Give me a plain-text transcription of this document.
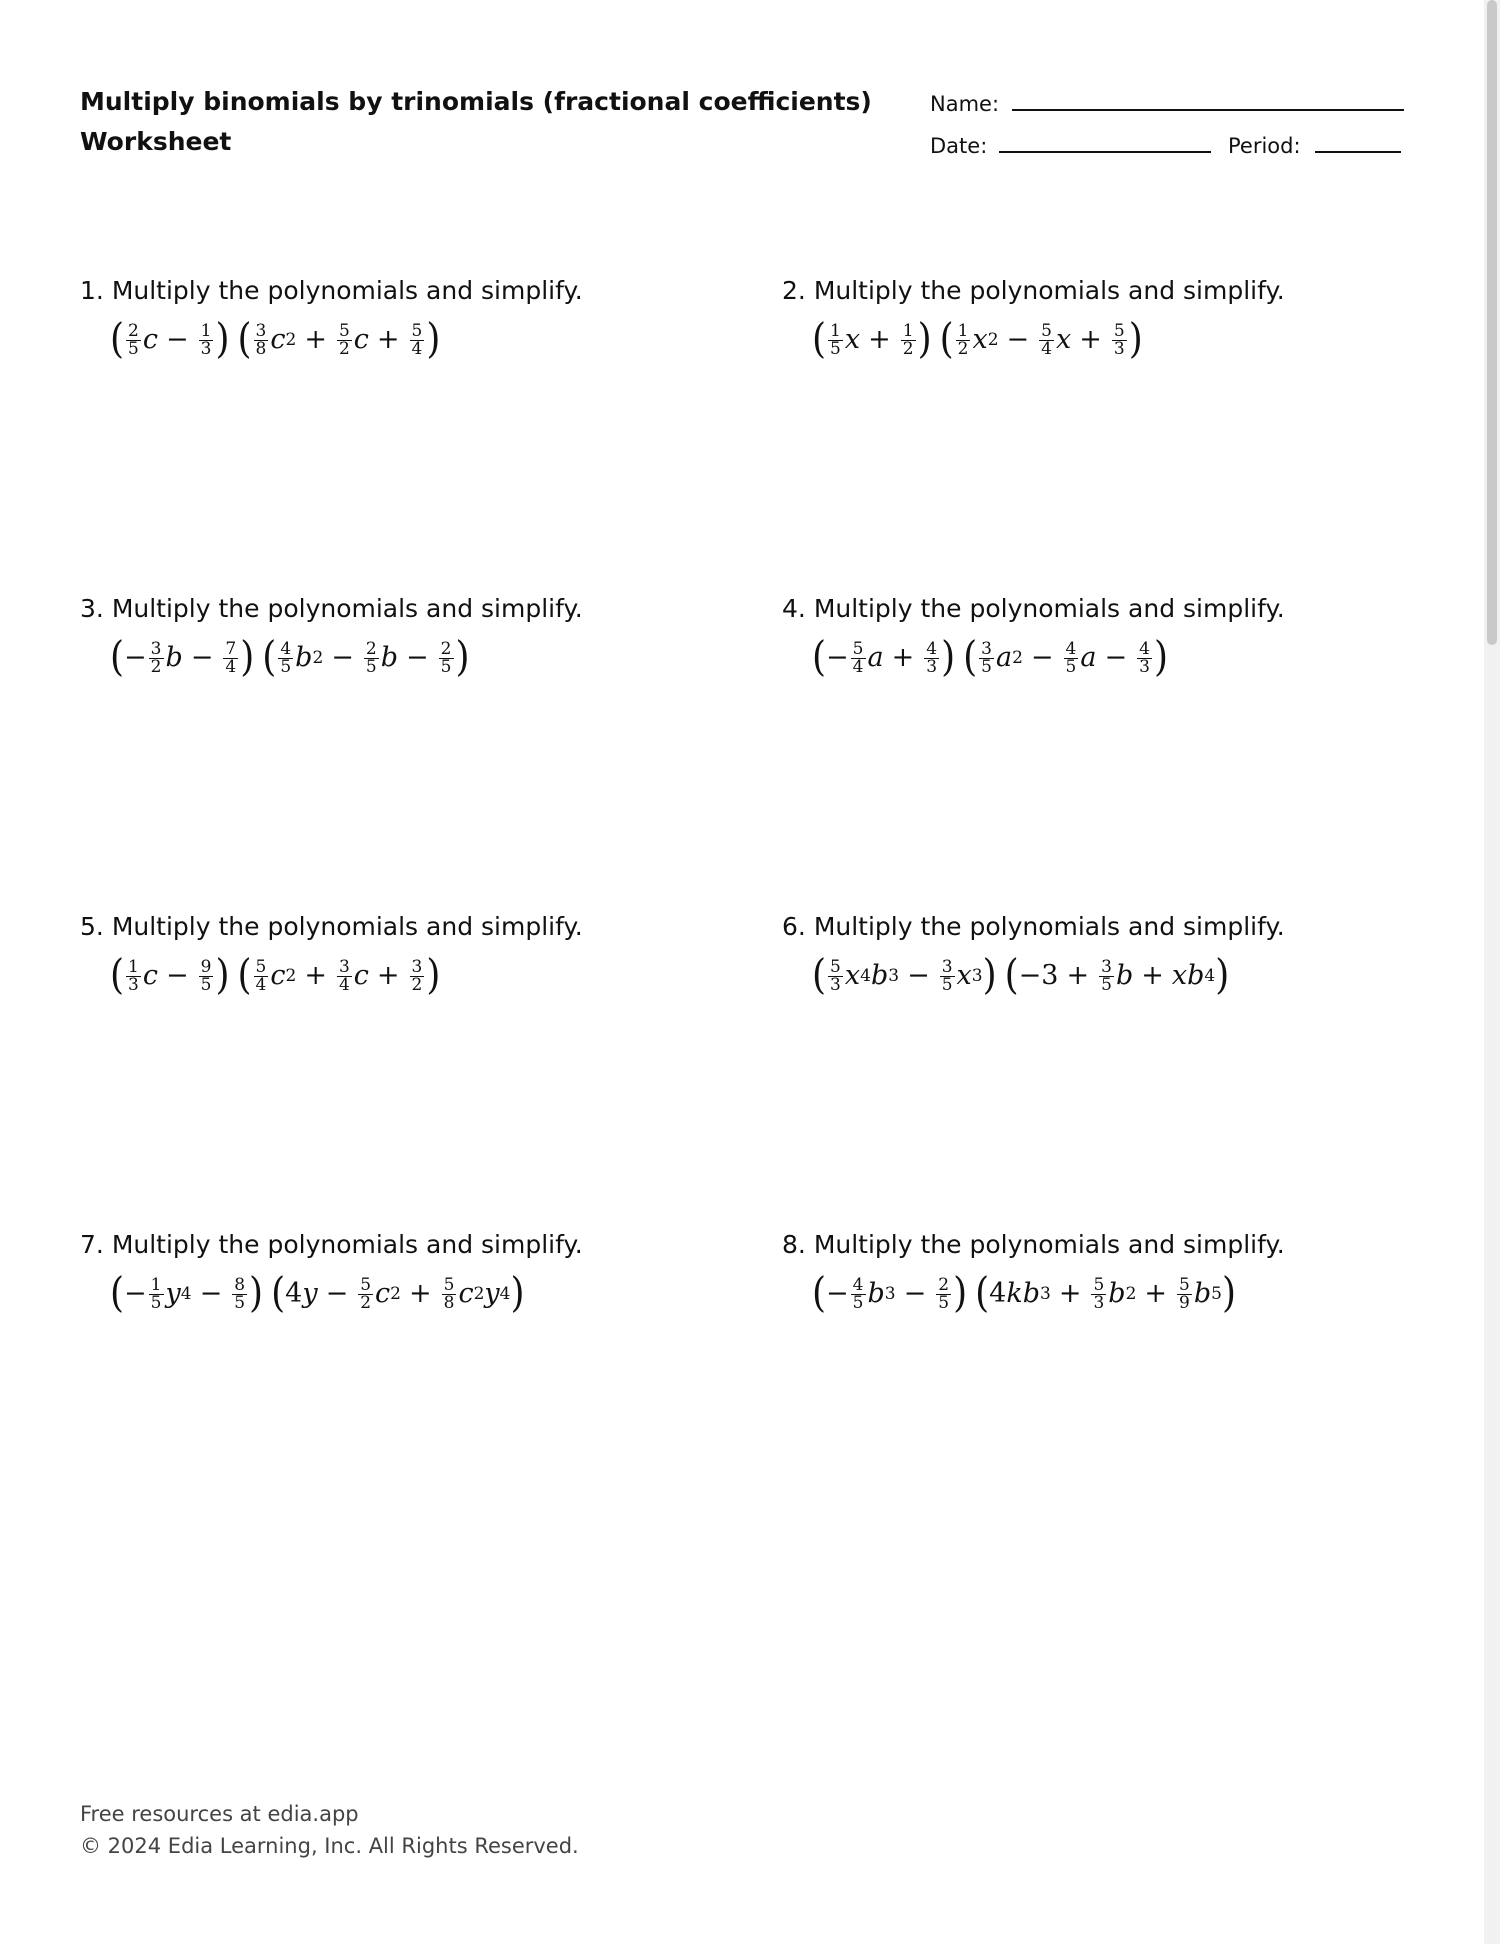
Multiply binomials by trinomials (fractional coefficients)
Worksheet
Name:
Date:	Period:
1. Multiply the polynomials and simplify.
( $\frac{2}{5}$ $c - \frac{1}{3}$ ) ( $\frac{3}{8}$ c $2 + \frac{5}{2}$ $c + \frac{5}{4}$ )
2. Multiply the polynomials and simplify.
( $\frac{1}{5}$ $x + \frac{1}{2}$ ) ( $\frac{1}{2}$ x $2 - \frac{5}{4}$ $x + \frac{5}{3}$ )
3. Multiply the polynomials and simplify.
( − $\frac{3}{2}$ $b - \frac{7}{4}$ ) ( $\frac{4}{5}$ b $2 - \frac{2}{5}$ $b - \frac{2}{5}$ )
4. Multiply the polynomials and simplify.
( − $\frac{5}{4}$ $a + \frac{4}{3}$ ) ( $\frac{3}{5}$ a $2 - \frac{4}{5}$ $a - \frac{4}{3}$ )
5. Multiply the polynomials and simplify.
( $\frac{1}{3}$ $c - \frac{9}{5}$ ) ( $\frac{5}{4}$ c $2 + \frac{3}{4}$ $c + \frac{3}{2}$ )
6. Multiply the polynomials and simplify.
( $\frac{5}{3}$ x 4 b $3 - \frac{3}{5}$ x 3 ) ( $-3 + \frac{3}{5}$ b + xb 4 )
7. Multiply the polynomials and simplify.
( − $\frac{1}{5}$ y $4 - \frac{8}{5}$ ) ( 4 $y - \frac{5}{2}$ c $2 + \frac{5}{8}$ c 2 y 4 )
8. Multiply the polynomials and simplify.
( − $\frac{4}{5}$ b $3 - \frac{2}{5}$ ) ( 4 kb $3 + \frac{5}{3}$ b $2 + \frac{5}{9}$ b 5 )
Free resources at edia.app
© 2024 Edia Learning, Inc. All Rights Reserved.
